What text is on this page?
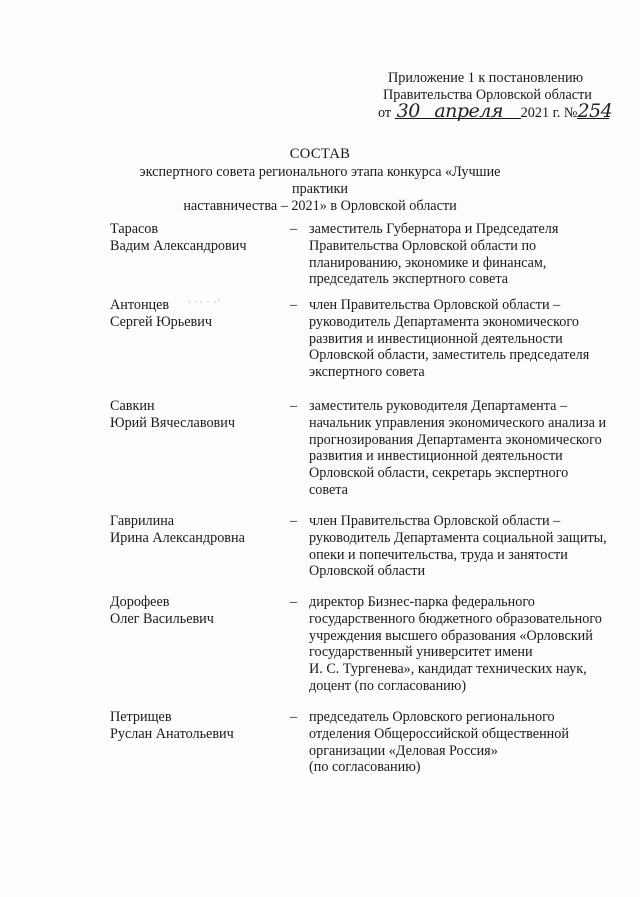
Приложение 1 к постановлению
Правительства Орловской области
от 30 апреля 2021 г. №254
СОСТАВ
экспертного совета регионального этапа конкурса «Лучшие практики
наставничества – 2021» в Орловской области
· ·· · ·'
Тарасов
Вадим Александрович
– заместитель Губернатора и Председателя
Правительства Орловской области по
планированию, экономике и финансам,
председатель экспертного совета
Антонцев
Сергей Юрьевич
– член Правительства Орловской области –
руководитель Департамента экономического
развития и инвестиционной деятельности
Орловской области, заместитель председателя
экспертного совета
Савкин
Юрий Вячеславович
– заместитель руководителя Департамента –
начальник управления экономического анализа и
прогнозирования Департамента экономического
развития и инвестиционной деятельности
Орловской области, секретарь экспертного
совета
Гаврилина
Ирина Александровна
– член Правительства Орловской области –
руководитель Департамента социальной защиты,
опеки и попечительства, труда и занятости
Орловской области
Дорофеев
Олег Васильевич
– директор Бизнес-парка федерального
государственного бюджетного образовательного
учреждения высшего образования «Орловский
государственный университет имени
И. С. Тургенева», кандидат технических наук,
доцент (по согласованию)
Петрищев
Руслан Анатольевич
– председатель Орловского регионального
отделения Общероссийской общественной
организации «Деловая Россия»
(по согласованию)
· · · · · · · ·
